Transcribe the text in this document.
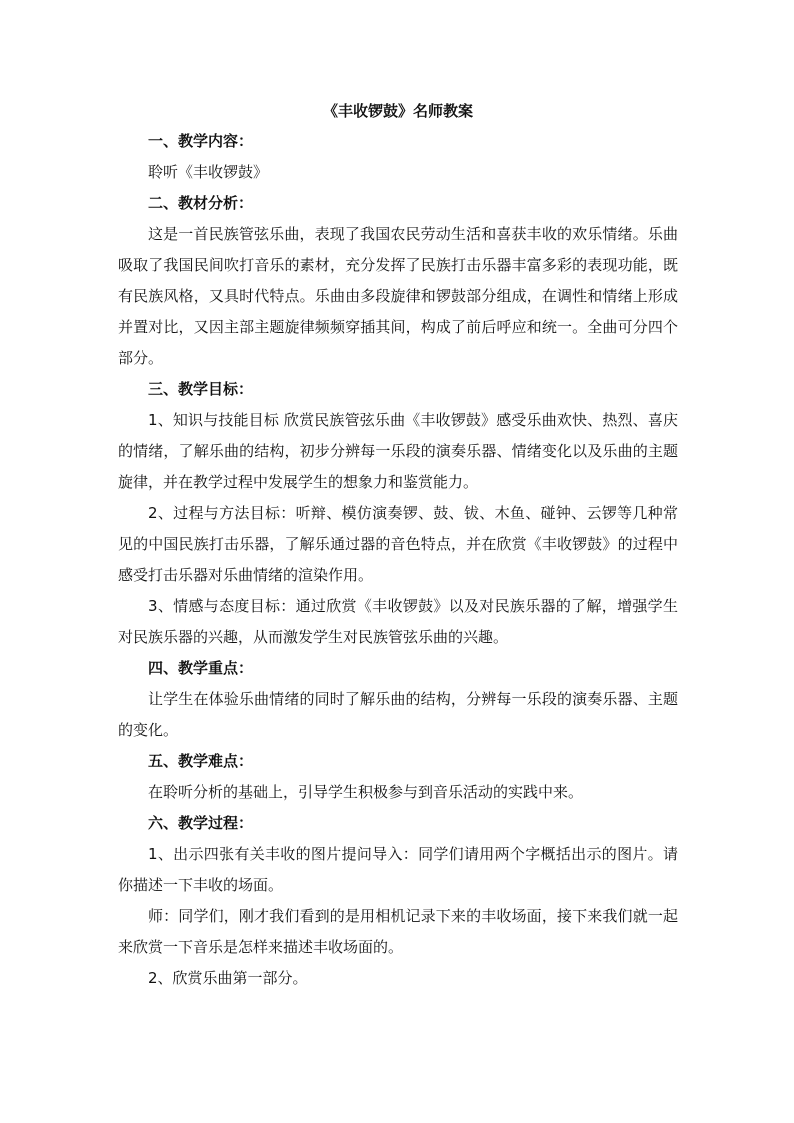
《丰收锣鼓》名师教案

一、教学内容：

聆听《丰收锣鼓》

二、教材分析：

这是一首民族管弦乐曲，表现了我国农民劳动生活和喜获丰收的欢乐情绪。乐曲吸取了我国民间吹打音乐的素材，充分发挥了民族打击乐器丰富多彩的表现功能，既有民族风格，又具时代特点。乐曲由多段旋律和锣鼓部分组成，在调性和情绪上形成并置对比，又因主部主题旋律频频穿插其间，构成了前后呼应和统一。全曲可分四个部分。

三、教学目标：

1、知识与技能目标 欣赏民族管弦乐曲《丰收锣鼓》感受乐曲欢快、热烈、喜庆的情绪，了解乐曲的结构，初步分辨每一乐段的演奏乐器、情绪变化以及乐曲的主题旋律，并在教学过程中发展学生的想象力和鉴赏能力。

2、过程与方法目标：听辩、模仿演奏锣、鼓、钹、木鱼、碰钟、云锣等几种常见的中国民族打击乐器，了解乐通过器的音色特点，并在欣赏《丰收锣鼓》的过程中感受打击乐器对乐曲情绪的渲染作用。

3、情感与态度目标：通过欣赏《丰收锣鼓》以及对民族乐器的了解，增强学生对民族乐器的兴趣，从而激发学生对民族管弦乐曲的兴趣。

四、教学重点：

让学生在体验乐曲情绪的同时了解乐曲的结构，分辨每一乐段的演奏乐器、主题的变化。

五、教学难点：

在聆听分析的基础上，引导学生积极参与到音乐活动的实践中来。

六、教学过程：

1、出示四张有关丰收的图片提问导入：同学们请用两个字概括出示的图片。请你描述一下丰收的场面。

师：同学们，刚才我们看到的是用相机记录下来的丰收场面，接下来我们就一起来欣赏一下音乐是怎样来描述丰收场面的。

2、欣赏乐曲第一部分。
